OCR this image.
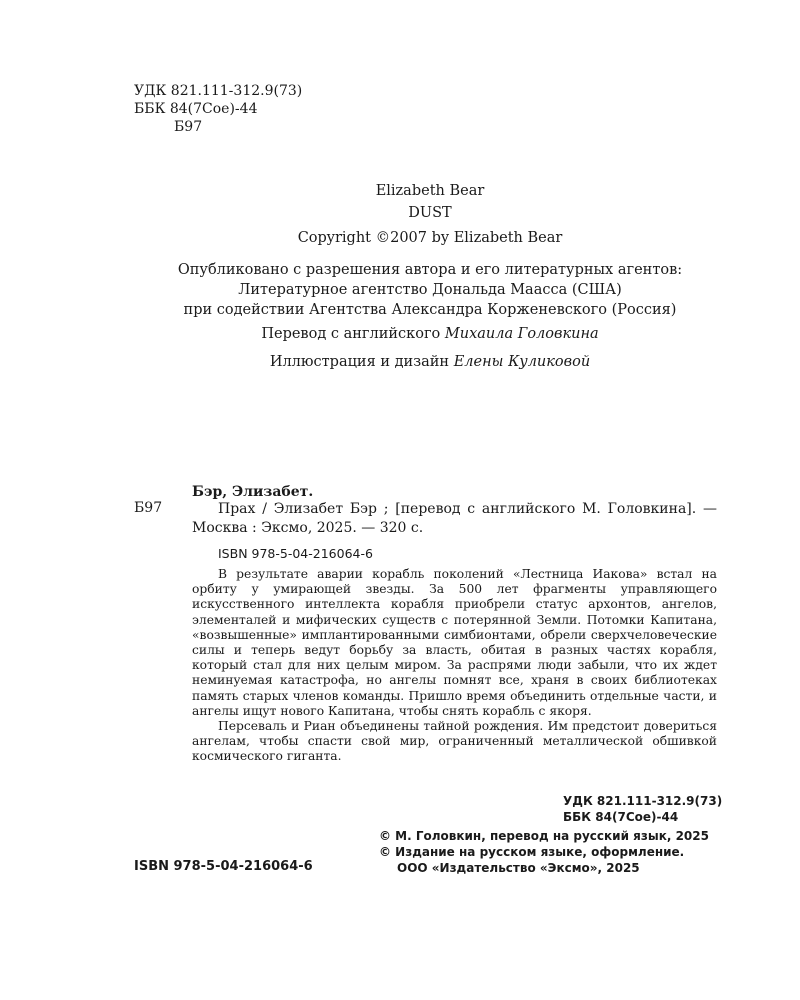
УДК 821.111-312.9(73)
ББК 84(7Сое)-44
Б97
Elizabeth Bear
DUST
Copyright ©2007 by Elizabeth Bear
Опубликовано с разрешения автора и его литературных агентов:
Литературное агентство Дональда Маасса (США)
при содействии Агентства Александра Корженевского (Россия)
Перевод с английского Михаила Головкина
Иллюстрация и дизайн Елены Куликовой
Бэр, Элизабет.
Б97	Прах / Элизабет Бэр ; [перевод с английского М. Головкина]. — Москва : Эксмо, 2025. — 320 с.
ISBN 978-5-04-216064-6

В результате аварии корабль поколений «Лестница Иакова» встал на орбиту у умирающей звезды. За 500 лет фрагменты управляющего искусственного интеллекта корабля приобрели статус архонтов, ангелов, элементалей и мифических существ с потерянной Земли. Потомки Капитана, «возвышенные» имплантированными симбионтами, обрели сверхчеловеческие силы и теперь ведут борьбу за власть, обитая в разных частях корабля, который стал для них целым миром. За распрями люди забыли, что их ждет неминуемая катастрофа, но ангелы помнят все, храня в своих библиотеках память старых членов команды. Пришло время объединить отдельные части, и ангелы ищут нового Капитана, чтобы снять корабль с якоря.

Персеваль и Риан объединены тайной рождения. Им предстоит довериться ангелам, чтобы спасти свой мир, ограниченный металлической обшивкой космического гиганта.

УДК 821.111-312.9(73)
ББК 84(7Сое)-44
ISBN 978-5-04-216064-6
© М. Головкин, перевод на русский язык, 2025
© Издание на русском языке, оформление.
ООО «Издательство «Эксмо», 2025
